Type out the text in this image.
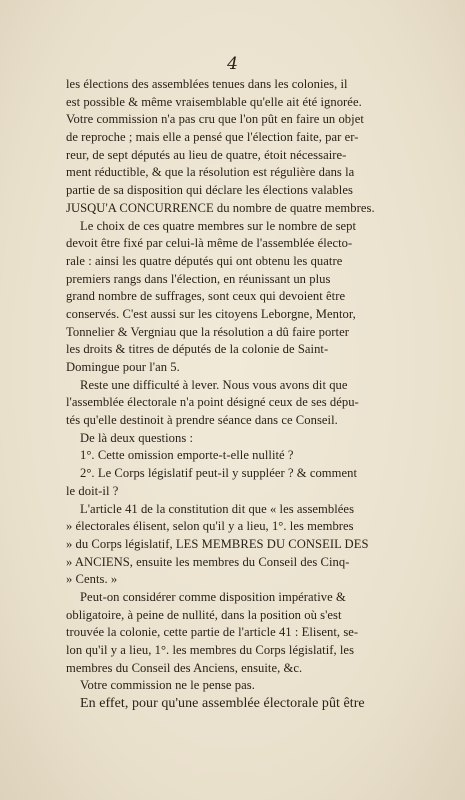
4
les élections des assemblées tenues dans les colonies, il
est possible & même vraisemblable qu'elle ait été ignorée.
Votre commission n'a pas cru que l'on pût en faire un objet
de reproche ; mais elle a pensé que l'élection faite, par er-
reur, de sept députés au lieu de quatre, étoit nécessaire-
ment réductible, & que la résolution est régulière dans la
partie de sa disposition qui déclare les élections valables
JUSQU'A CONCURRENCE du nombre de quatre membres.
Le choix de ces quatre membres sur le nombre de sept
devoit être fixé par celui-là même de l'assemblée électo-
rale : ainsi les quatre députés qui ont obtenu les quatre
premiers rangs dans l'élection, en réunissant un plus
grand nombre de suffrages, sont ceux qui devoient être
conservés. C'est aussi sur les citoyens Leborgne, Mentor,
Tonnelier & Vergniau que la résolution a dû faire porter
les droits & titres de députés de la colonie de Saint-
Domingue pour l'an 5.
Reste une difficulté à lever. Nous vous avons dit que
l'assemblée électorale n'a point désigné ceux de ses dépu-
tés qu'elle destinoit à prendre séance dans ce Conseil.
De là deux questions :
1°. Cette omission emporte-t-elle nullité ?
2°. Le Corps législatif peut-il y suppléer ? & comment
le doit-il ?
L'article 41 de la constitution dit que « les assemblées
» électorales élisent, selon qu'il y a lieu, 1°. les membres
» du Corps législatif, LES MEMBRES DU CONSEIL DES
» ANCIENS, ensuite les membres du Conseil des Cinq-
» Cents. »
Peut-on considérer comme disposition impérative &
obligatoire, à peine de nullité, dans la position où s'est
trouvée la colonie, cette partie de l'article 41 : Elisent, se-
lon qu'il y a lieu, 1°. les membres du Corps législatif, les
membres du Conseil des Anciens, ensuite, &c.
Votre commission ne le pense pas.
En effet, pour qu'une assemblée électorale pût être
